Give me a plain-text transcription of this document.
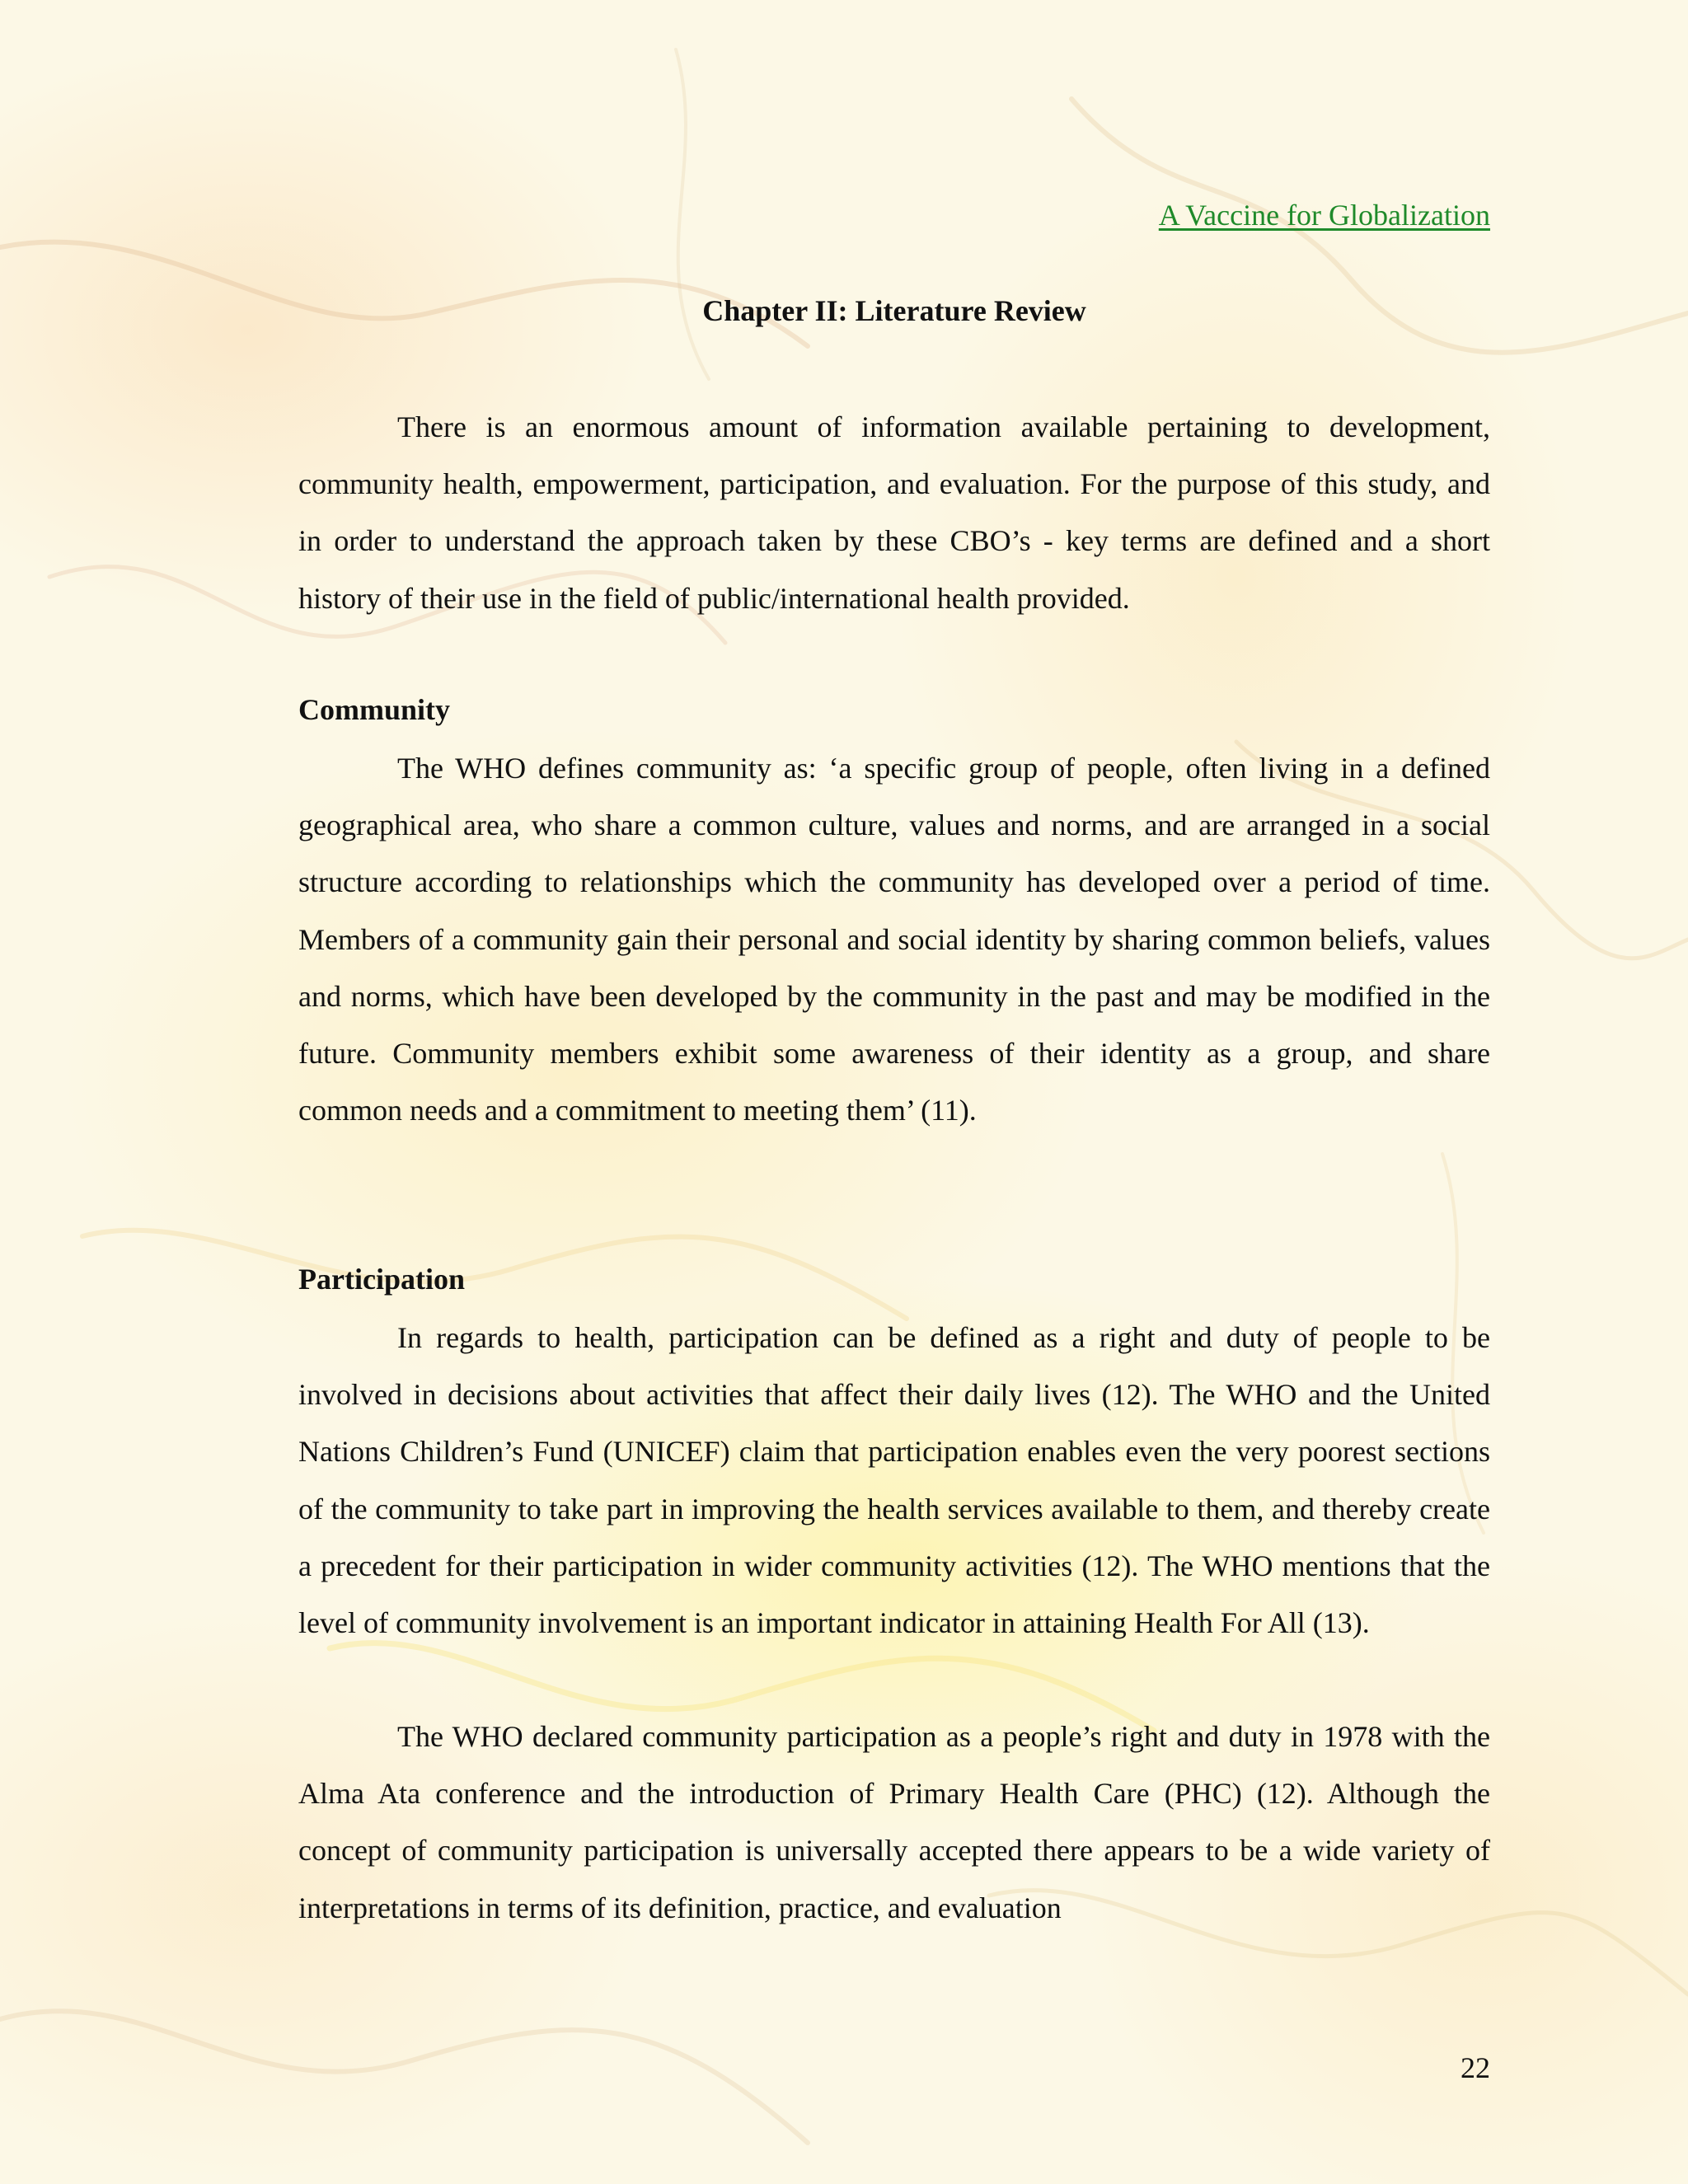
A Vaccine for Globalization
Chapter II: Literature Review

There is an enormous amount of information available pertaining to development, community health, empowerment, participation, and evaluation. For the purpose of this study, and in order to understand the approach taken by these CBO’s - key terms are defined and a short history of their use in the field of public/international health provided.

Community

The WHO defines community as: ‘a specific group of people, often living in a defined geographical area, who share a common culture, values and norms, and are arranged in a social structure according to relationships which the community has developed over a period of time. Members of a community gain their personal and social identity by sharing common beliefs, values and norms, which have been developed by the community in the past and may be modified in the future. Community members exhibit some awareness of their identity as a group, and share common needs and a commitment to meeting them’ (11).

Participation

In regards to health, participation can be defined as a right and duty of people to be involved in decisions about activities that affect their daily lives (12). The WHO and the United Nations Children’s Fund (UNICEF) claim that participation enables even the very poorest sections of the community to take part in improving the health services available to them, and thereby create a precedent for their participation in wider community activities (12). The WHO mentions that the level of community involvement is an important indicator in attaining Health For All (13).

The WHO declared community participation as a people’s right and duty in 1978 with the Alma Ata conference and the introduction of Primary Health Care (PHC) (12). Although the concept of community participation is universally accepted there appears to be a wide variety of interpretations in terms of its definition, practice, and evaluation

22
